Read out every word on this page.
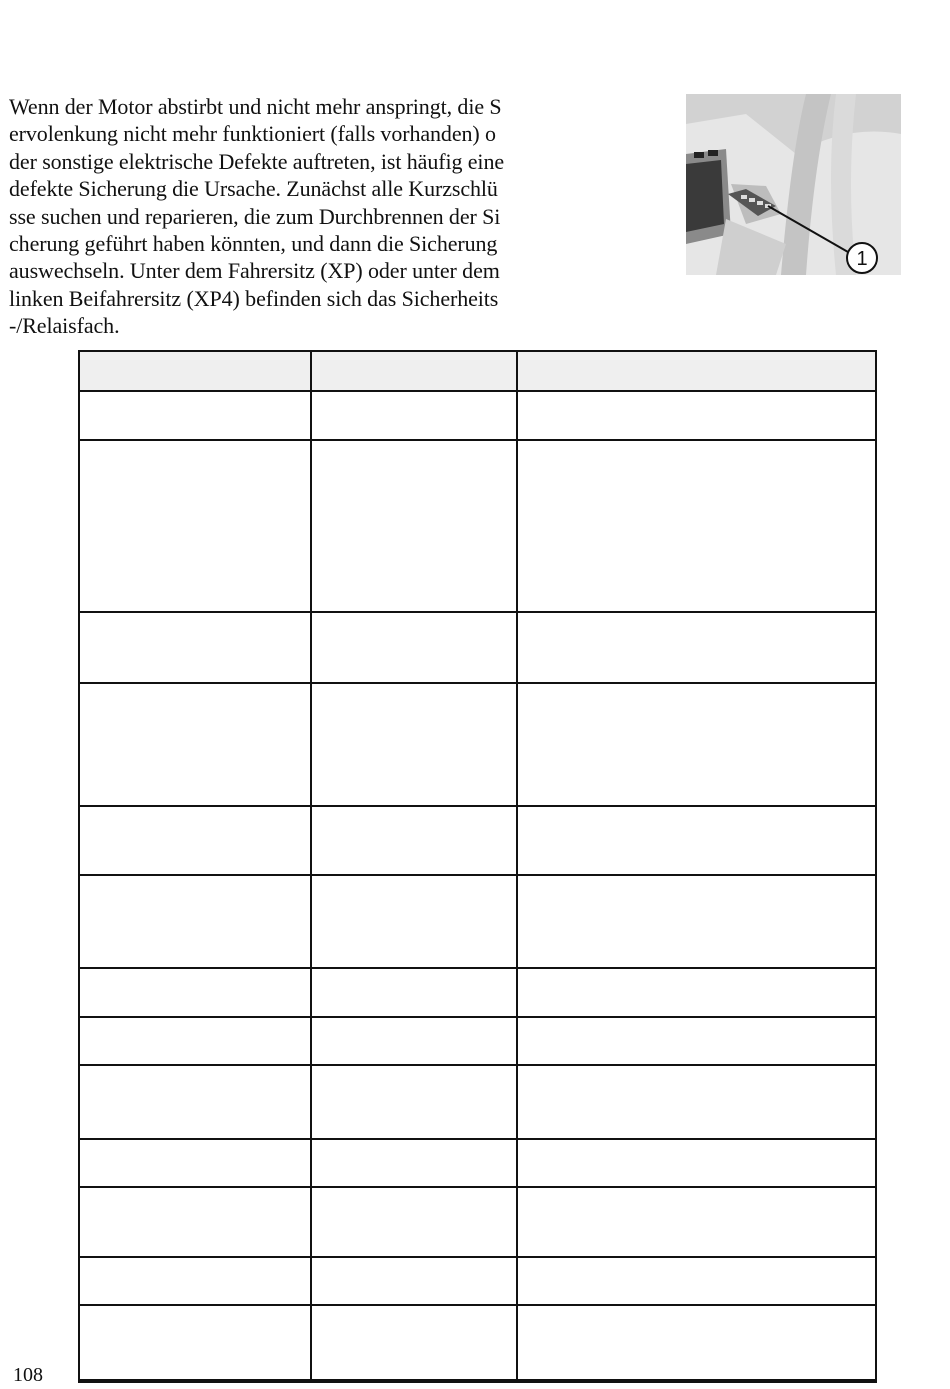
Wenn der Motor abstirbt und nicht mehr anspringt, die S
ervolenkung nicht mehr funktioniert (falls vorhanden) o
der sonstige elektrische Defekte auftreten, ist häufig eine
defekte Sicherung die Ursache. Zunächst alle Kurzschlü
sse suchen und reparieren, die zum Durchbrennen der Si
cherung geführt haben könnten, und dann die Sicherung
auswechseln. Unter dem Fahrersitz (XP) oder unter dem
linken Beifahrersitz (XP4) befinden sich das Sicherheits
-/Relaisfach.

1

108
